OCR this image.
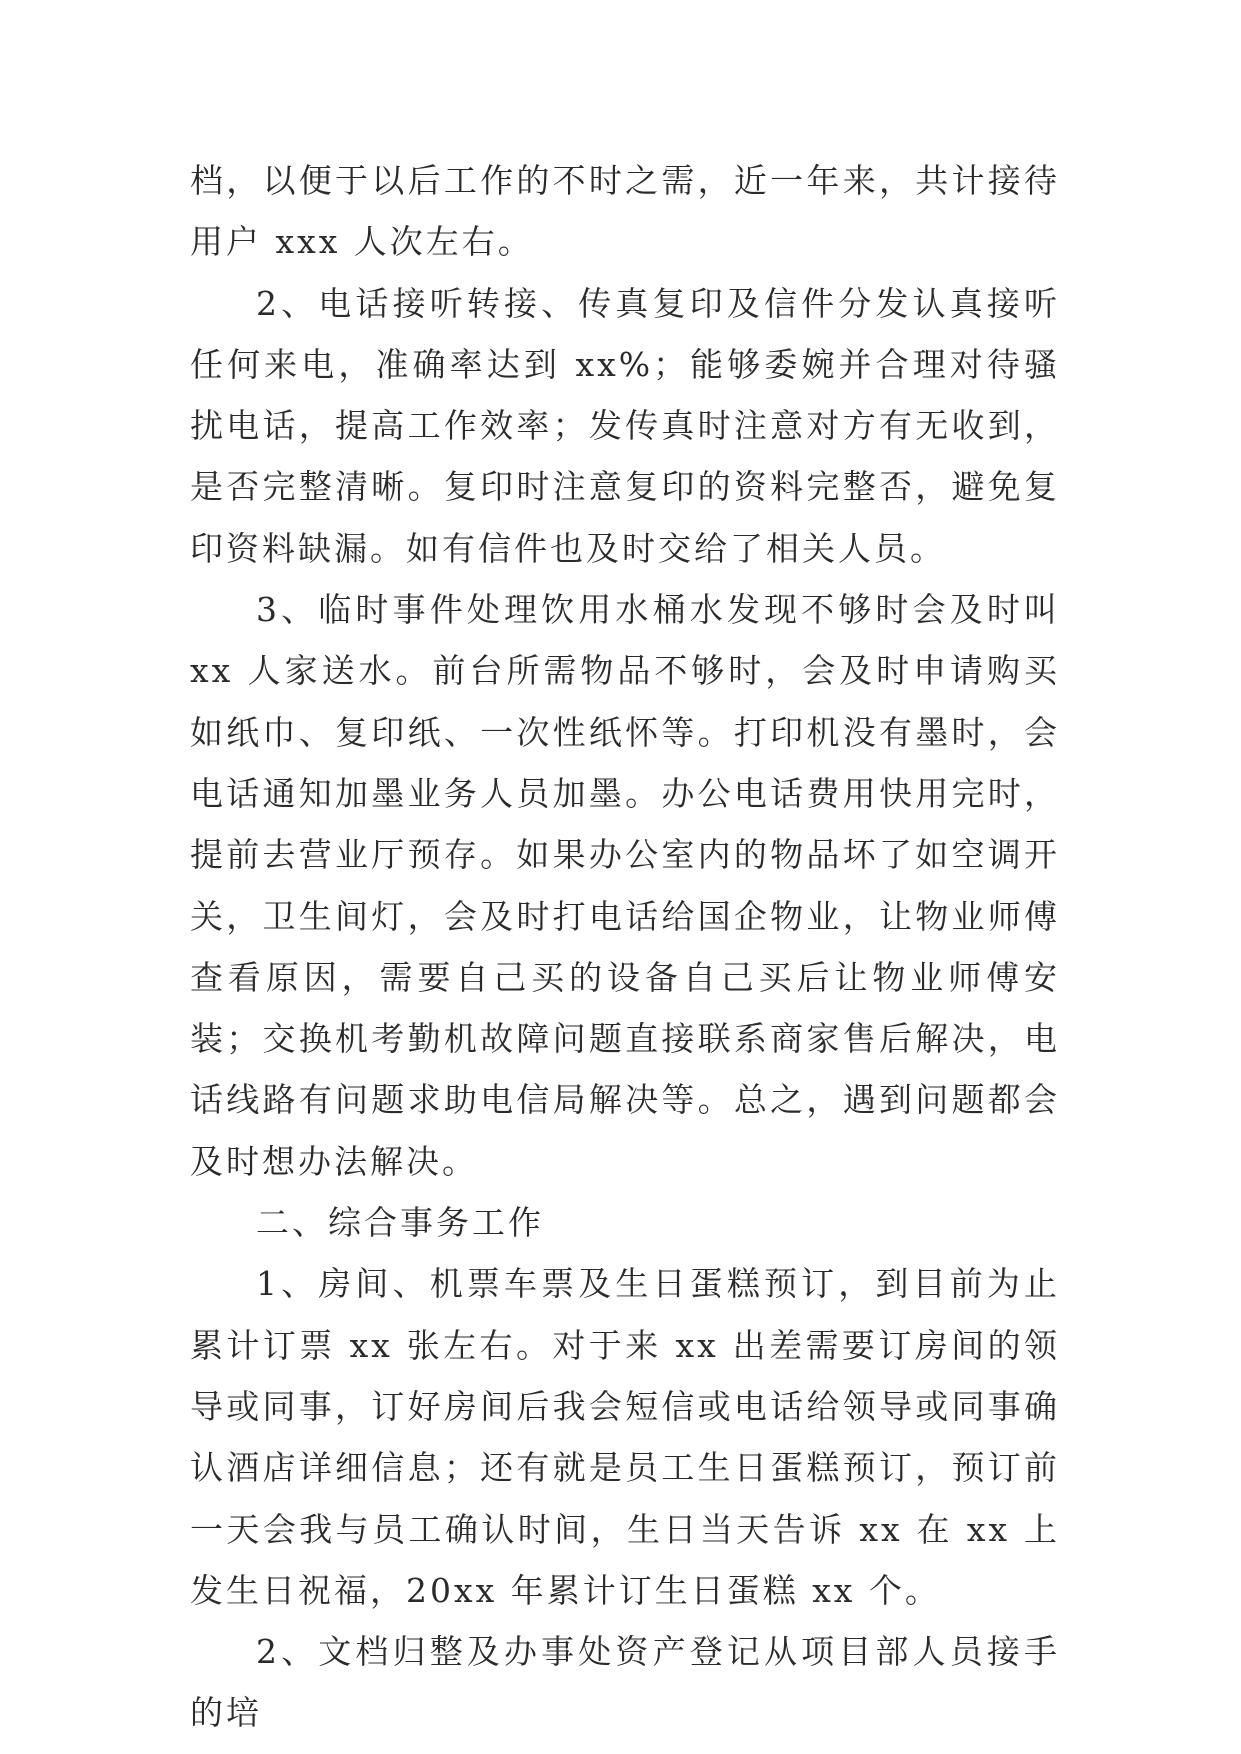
档，以便于以后工作的不时之需，近一年来，共计接待用户 xxx 人次左右。

2、电话接听转接、传真复印及信件分发认真接听任何来电，准确率达到 xx%；能够委婉并合理对待骚扰电话，提高工作效率；发传真时注意对方有无收到，是否完整清晰。复印时注意复印的资料完整否，避免复印资料缺漏。如有信件也及时交给了相关人员。

3、临时事件处理饮用水桶水发现不够时会及时叫 xx 人家送水。前台所需物品不够时，会及时申请购买如纸巾、复印纸、一次性纸怀等。打印机没有墨时，会电话通知加墨业务人员加墨。办公电话费用快用完时，提前去营业厅预存。如果办公室内的物品坏了如空调开关，卫生间灯，会及时打电话给国企物业，让物业师傅查看原因，需要自己买的设备自己买后让物业师傅安装；交换机考勤机故障问题直接联系商家售后解决，电话线路有问题求助电信局解决等。总之，遇到问题都会及时想办法解决。

二、综合事务工作

1、房间、机票车票及生日蛋糕预订，到目前为止累计订票 xx 张左右。对于来 xx 出差需要订房间的领导或同事，订好房间后我会短信或电话给领导或同事确认酒店详细信息；还有就是员工生日蛋糕预订，预订前一天会我与员工确认时间，生日当天告诉 xx 在 xx 上发生日祝福，20xx 年累计订生日蛋糕 xx 个。

2、文档归整及办事处资产登记从项目部人员接手的培
